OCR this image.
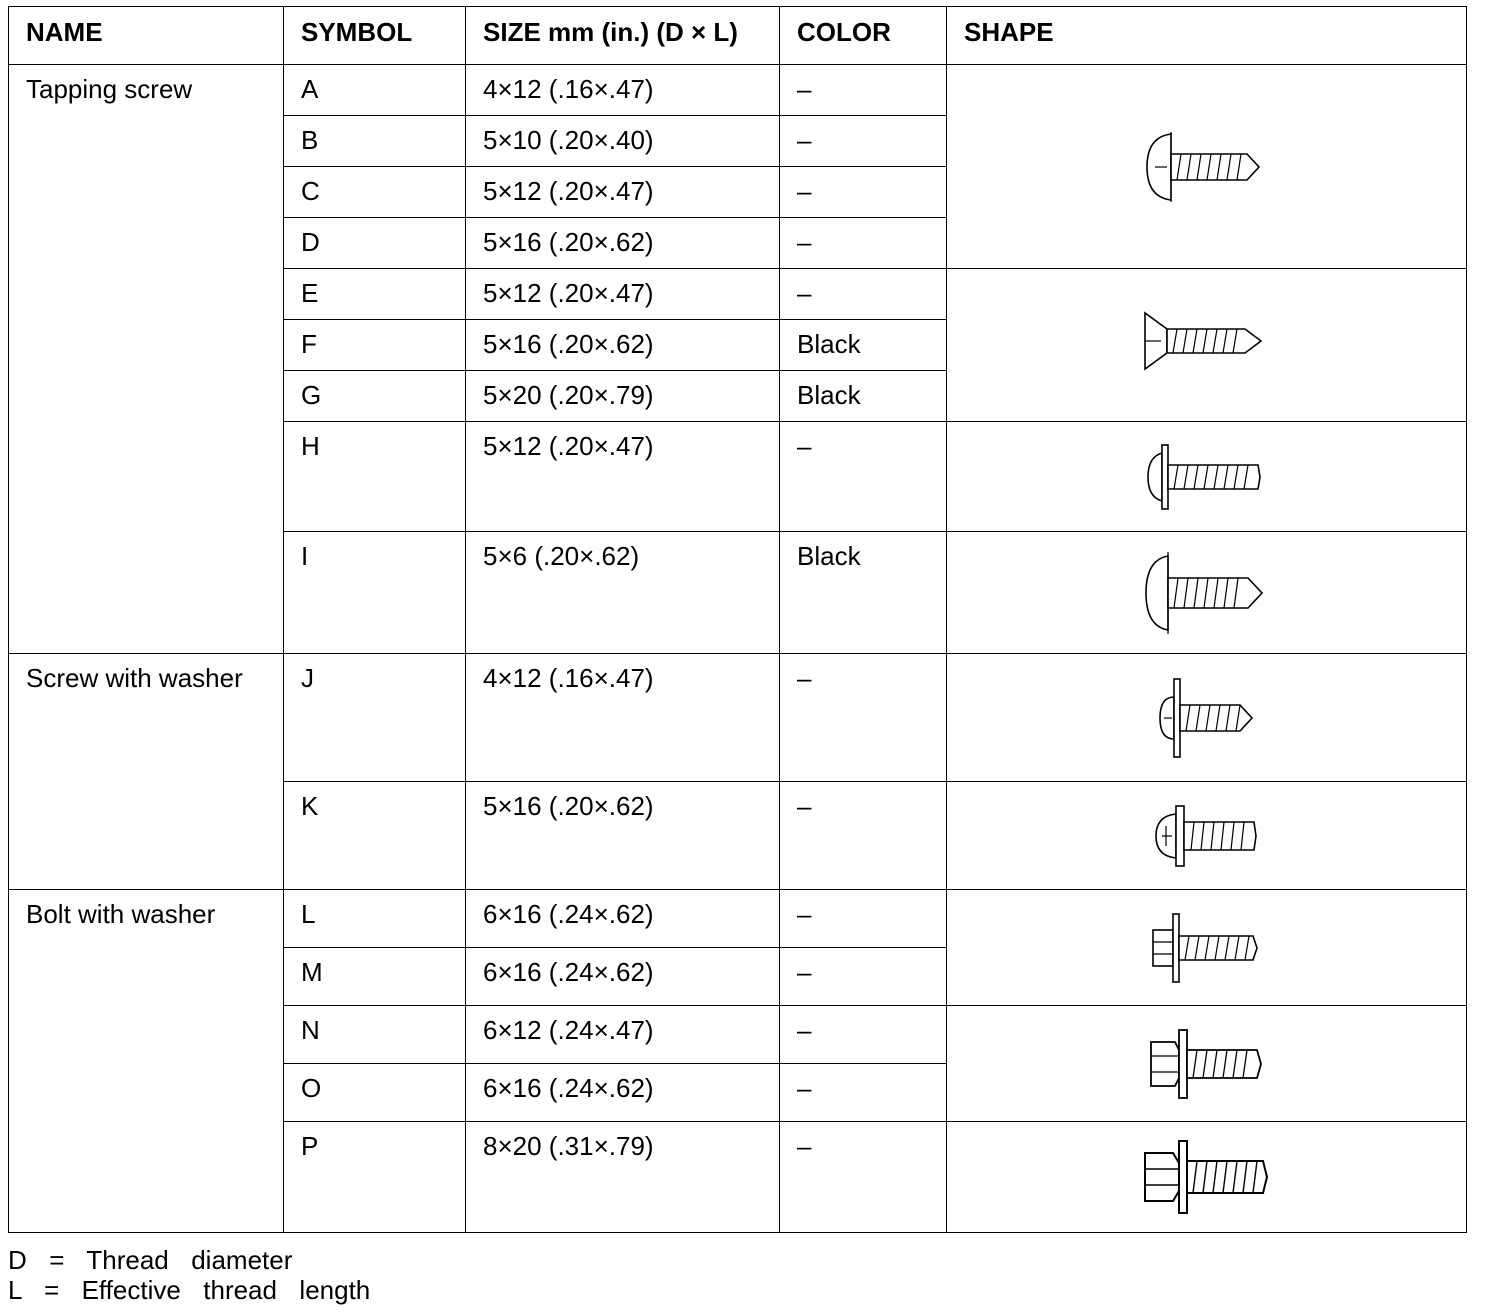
NAME	SYMBOL	SIZE mm (in.) (D × L)	COLOR	SHAPE
Tapping screw	A	4×12 (.16×.47)	–	

	B	5×10 (.20×.40)	–	
	C	5×12 (.20×.47)	–	
	D	5×16 (.20×.62)	–	
	E	5×12 (.20×.47)	–	

	F	5×16 (.20×.62)	Black	
	G	5×20 (.20×.79)	Black	
	H	5×12 (.20×.47)	–	

	I	5×6 (.20×.62)	Black	

Screw with washer	J	4×12 (.16×.47)	–	

	K	5×16 (.20×.62)	–	

Bolt with washer	L	6×16 (.24×.62)	–	

	M	6×16 (.24×.62)	–	
	N	6×12 (.24×.47)	–	

	O	6×16 (.24×.62)	–	
	P	8×20 (.31×.79)	–	
D  =  Thread  diameter
L  =  Effective  thread  length
